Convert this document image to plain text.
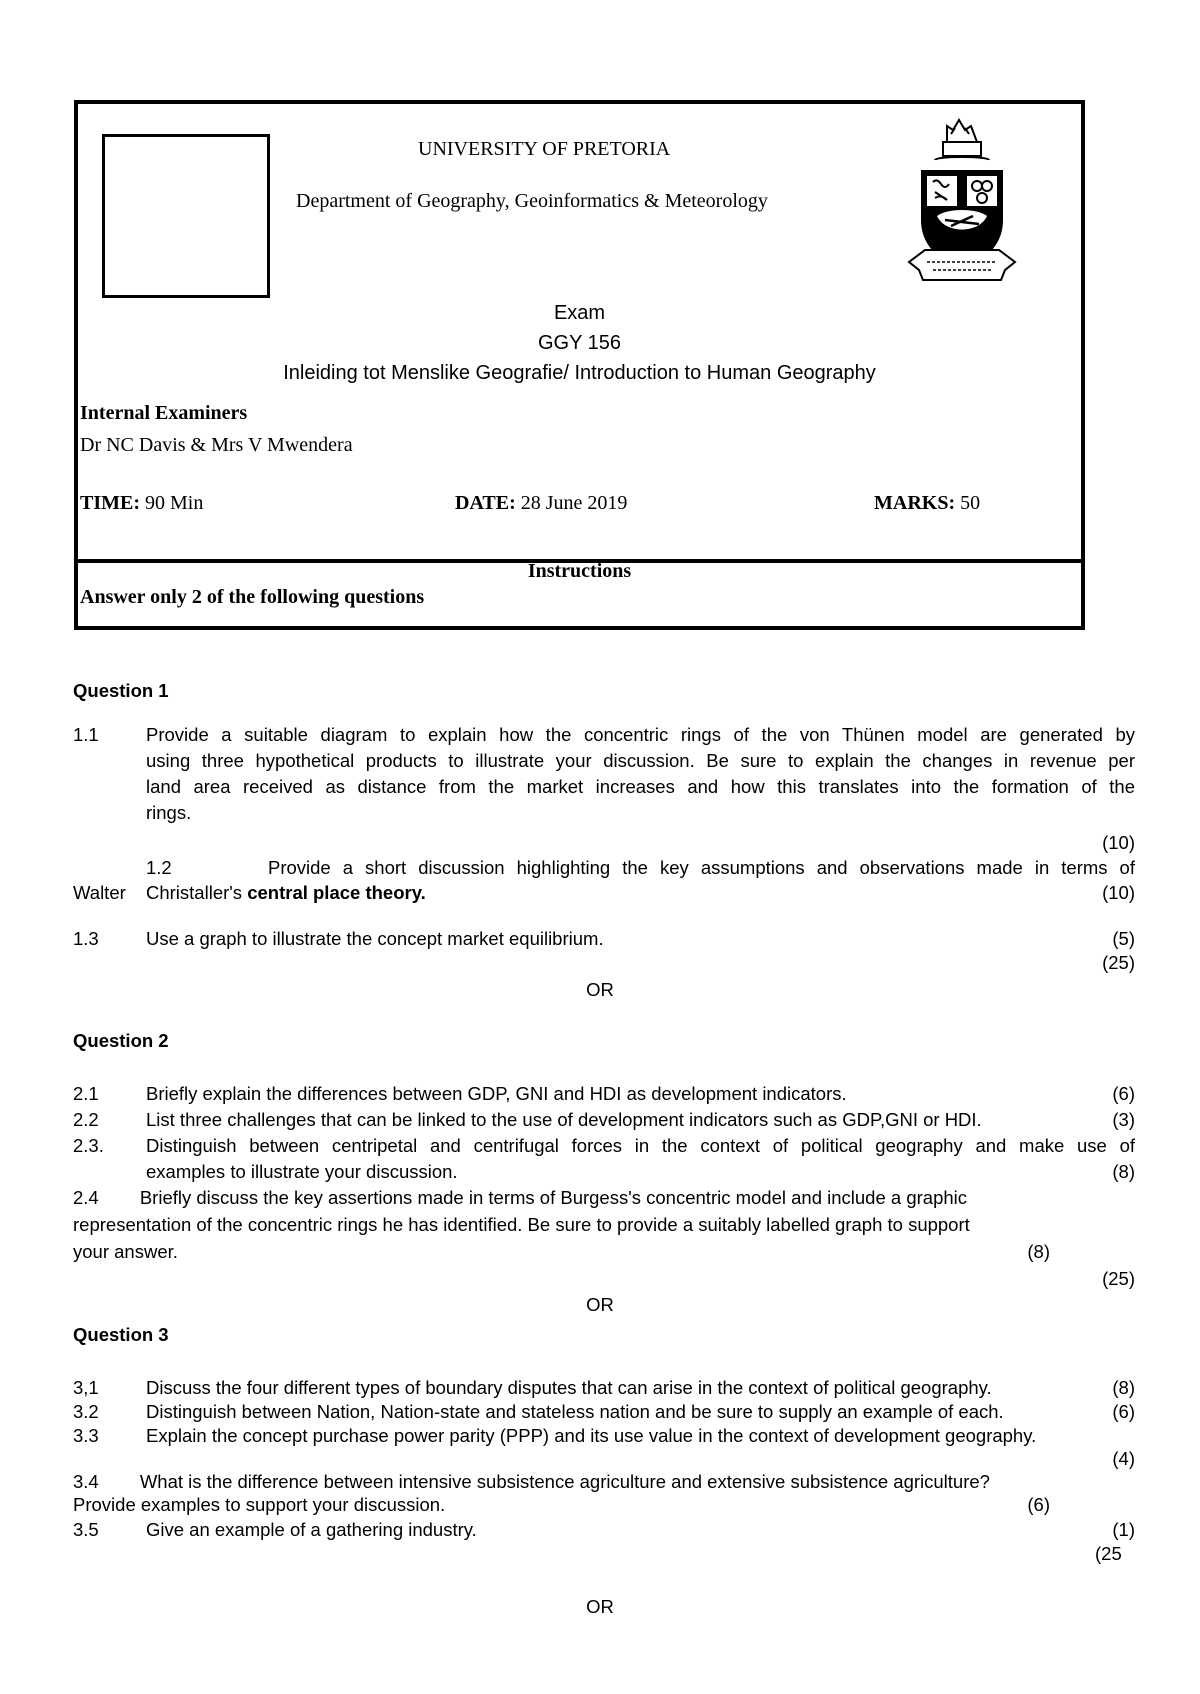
UNIVERSITY OF PRETORIA
Department of Geography, Geoinformatics & Meteorology
Exam
GGY 156
Inleiding tot Menslike Geografie/ Introduction to Human Geography
Internal Examiners
Dr NC Davis & Mrs V Mwendera
TIME: 90 Min	DATE: 28 June 2019	MARKS: 50
Instructions
Answer only 2 of the following questions
Question 1
1.1	Provide a suitable diagram to explain how the concentric rings of the von Thünen model are generated by
using three hypothetical products to illustrate your discussion. Be sure to explain the changes in revenue per
land area received as distance from the market increases and how this translates into the formation of the
rings.
(10)
1.2        Provide a short discussion highlighting the key assumptions and observations made in terms of
Walter Christaller's central place theory.	(10)
1.3	Use a graph to illustrate the concept market equilibrium.	(5)
(25)
OR
Question 2
2.1	Briefly explain the differences between GDP, GNI and HDI as development indicators.	(6)
2.2	List three challenges that can be linked to the use of development indicators such as GDP,GNI or HDI.	(3)
2.3. Distinguish between centripetal and centrifugal forces in the context of political geography and make use of
examples to illustrate your discussion.	(8)
2.4        Briefly discuss the key assertions made in terms of Burgess's concentric model and include a graphic
representation of the concentric rings he has identified. Be sure to provide a suitably labelled graph to support
your answer.	(8)
(25)
OR
Question 3
3,1	Discuss the four different types of boundary disputes that can arise in the context of political geography.	(8)
3.2	Distinguish between Nation, Nation-state and stateless nation and be sure to supply an example of each.	(6)
3.3	Explain the concept purchase power parity (PPP) and its use value in the context of development geography.
(4)
3.4        What is the difference between intensive subsistence agriculture and extensive subsistence agriculture?
Provide examples to support your discussion.	(6)
3.5	Give an example of a gathering industry.	(1)
(25
OR
